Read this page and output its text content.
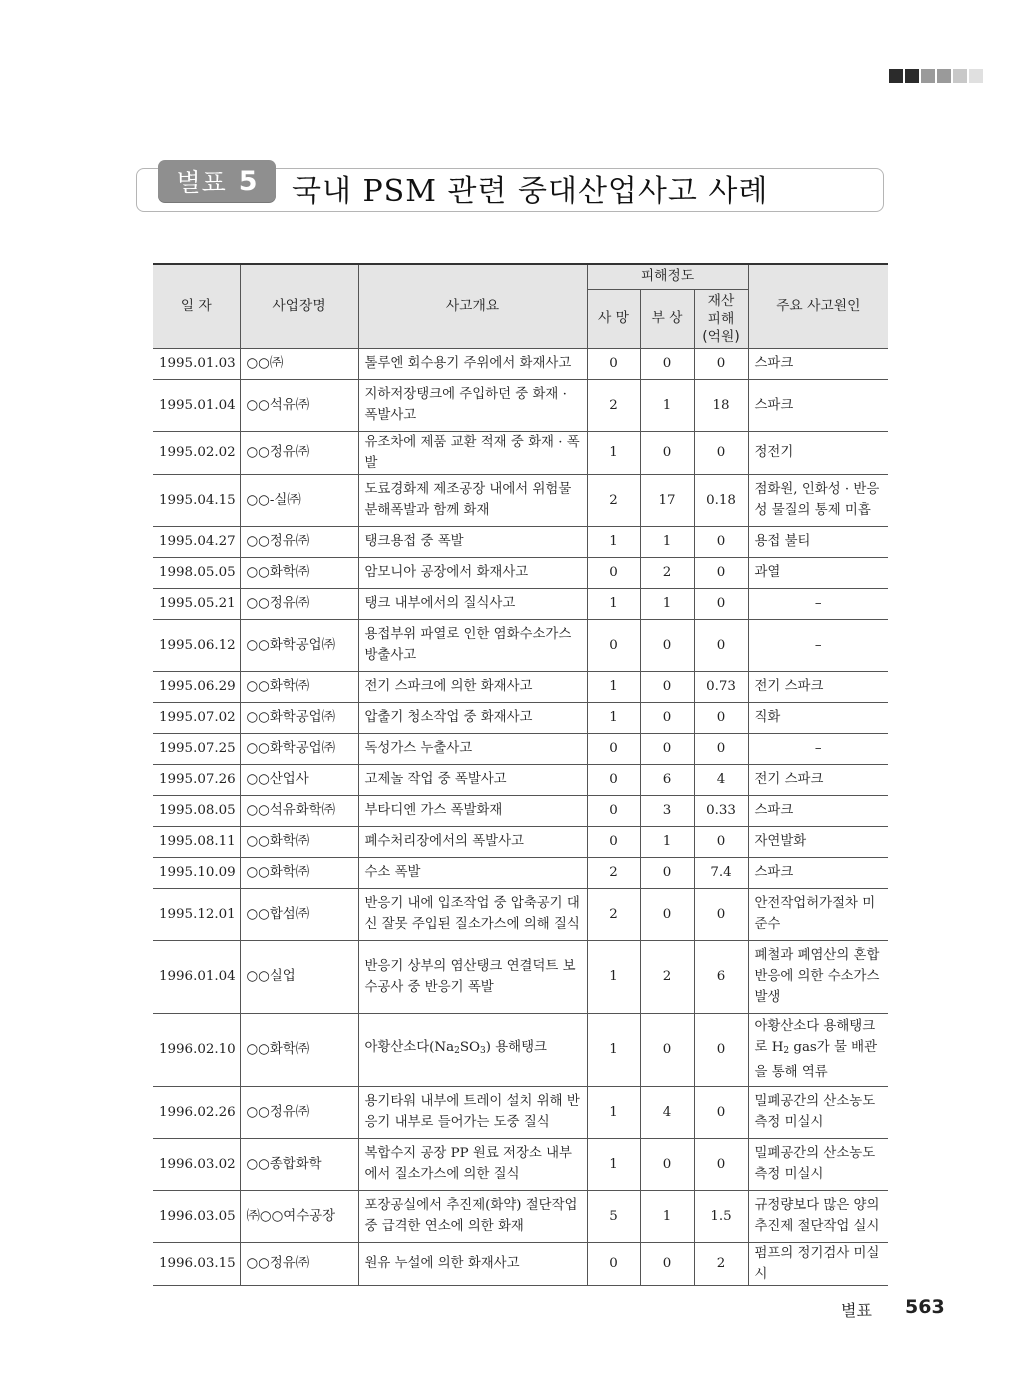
별표 5 국내 PSM 관련 중대산업사고 사례
일 자	사업장명	사고개요	피해정도			주요 사고원인
			사 망	부 상	재산
피해
(억원)	
1995.01.03	○○㈜	톨루엔 회수용기 주위에서 화재사고	0	0	0	스파크
1995.01.04	○○석유㈜	지하저장탱크에 주입하던 중 화재 · 폭발사고	2	1	18	스파크
1995.02.02	○○정유㈜	유조차에 제품 교환 적재 중 화재 · 폭발	1	0	0	정전기
1995.04.15	○○-실㈜	도료경화제 제조공장 내에서 위험물 분해폭발과 함께 화재	2	17	0.18	점화원, 인화성 · 반응성 물질의 통제 미흡
1995.04.27	○○정유㈜	탱크용접 중 폭발	1	1	0	용접 불티
1998.05.05	○○화학㈜	암모니아 공장에서 화재사고	0	2	0	과열
1995.05.21	○○정유㈜	탱크 내부에서의 질식사고	1	1	0	–
1995.06.12	○○화학공업㈜	용접부위 파열로 인한 염화수소가스 방출사고	0	0	0	–
1995.06.29	○○화학㈜	전기 스파크에 의한 화재사고	1	0	0.73	전기 스파크
1995.07.02	○○화학공업㈜	압출기 청소작업 중 화재사고	1	0	0	직화
1995.07.25	○○화학공업㈜	독성가스 누출사고	0	0	0	–
1995.07.26	○○산업사	고제놀 작업 중 폭발사고	0	6	4	전기 스파크
1995.08.05	○○석유화학㈜	부타디엔 가스 폭발화재	0	3	0.33	스파크
1995.08.11	○○화학㈜	폐수처리장에서의 폭발사고	0	1	0	자연발화
1995.10.09	○○화학㈜	수소 폭발	2	0	7.4	스파크
1995.12.01	○○합섬㈜	반응기 내에 입조작업 중 압축공기 대신 잘못 주입된 질소가스에 의해 질식	2	0	0	안전작업허가절차 미준수
1996.01.04	○○실업	반응기 상부의 염산탱크 연결덕트 보수공사 중 반응기 폭발	1	2	6	폐철과 폐염산의 혼합반응에 의한 수소가스 발생
1996.02.10	○○화학㈜	아황산소다$(Na_2SO_3)$ 용해탱크	1	0	0	아황산소다 용해탱크로 $H_2$ gas가 물 배관을 통해 역류
1996.02.26	○○정유㈜	용기타워 내부에 트레이 설치 위해 반응기 내부로 들어가는 도중 질식	1	4	0	밀폐공간의 산소농도 측정 미실시
1996.03.02	○○종합화학	복합수지 공장 PP 원료 저장소 내부에서 질소가스에 의한 질식	1	0	0	밀폐공간의 산소농도 측정 미실시
1996.03.05	㈜○○여수공장	포장공실에서 추진제(화약) 절단작업 중 급격한 연소에 의한 화재	5	1	1.5	규정량보다 많은 양의 추진제 절단작업 실시
1996.03.15	○○정유㈜	원유 누설에 의한 화재사고	0	0	2	펌프의 정기검사 미실시
별표 563
